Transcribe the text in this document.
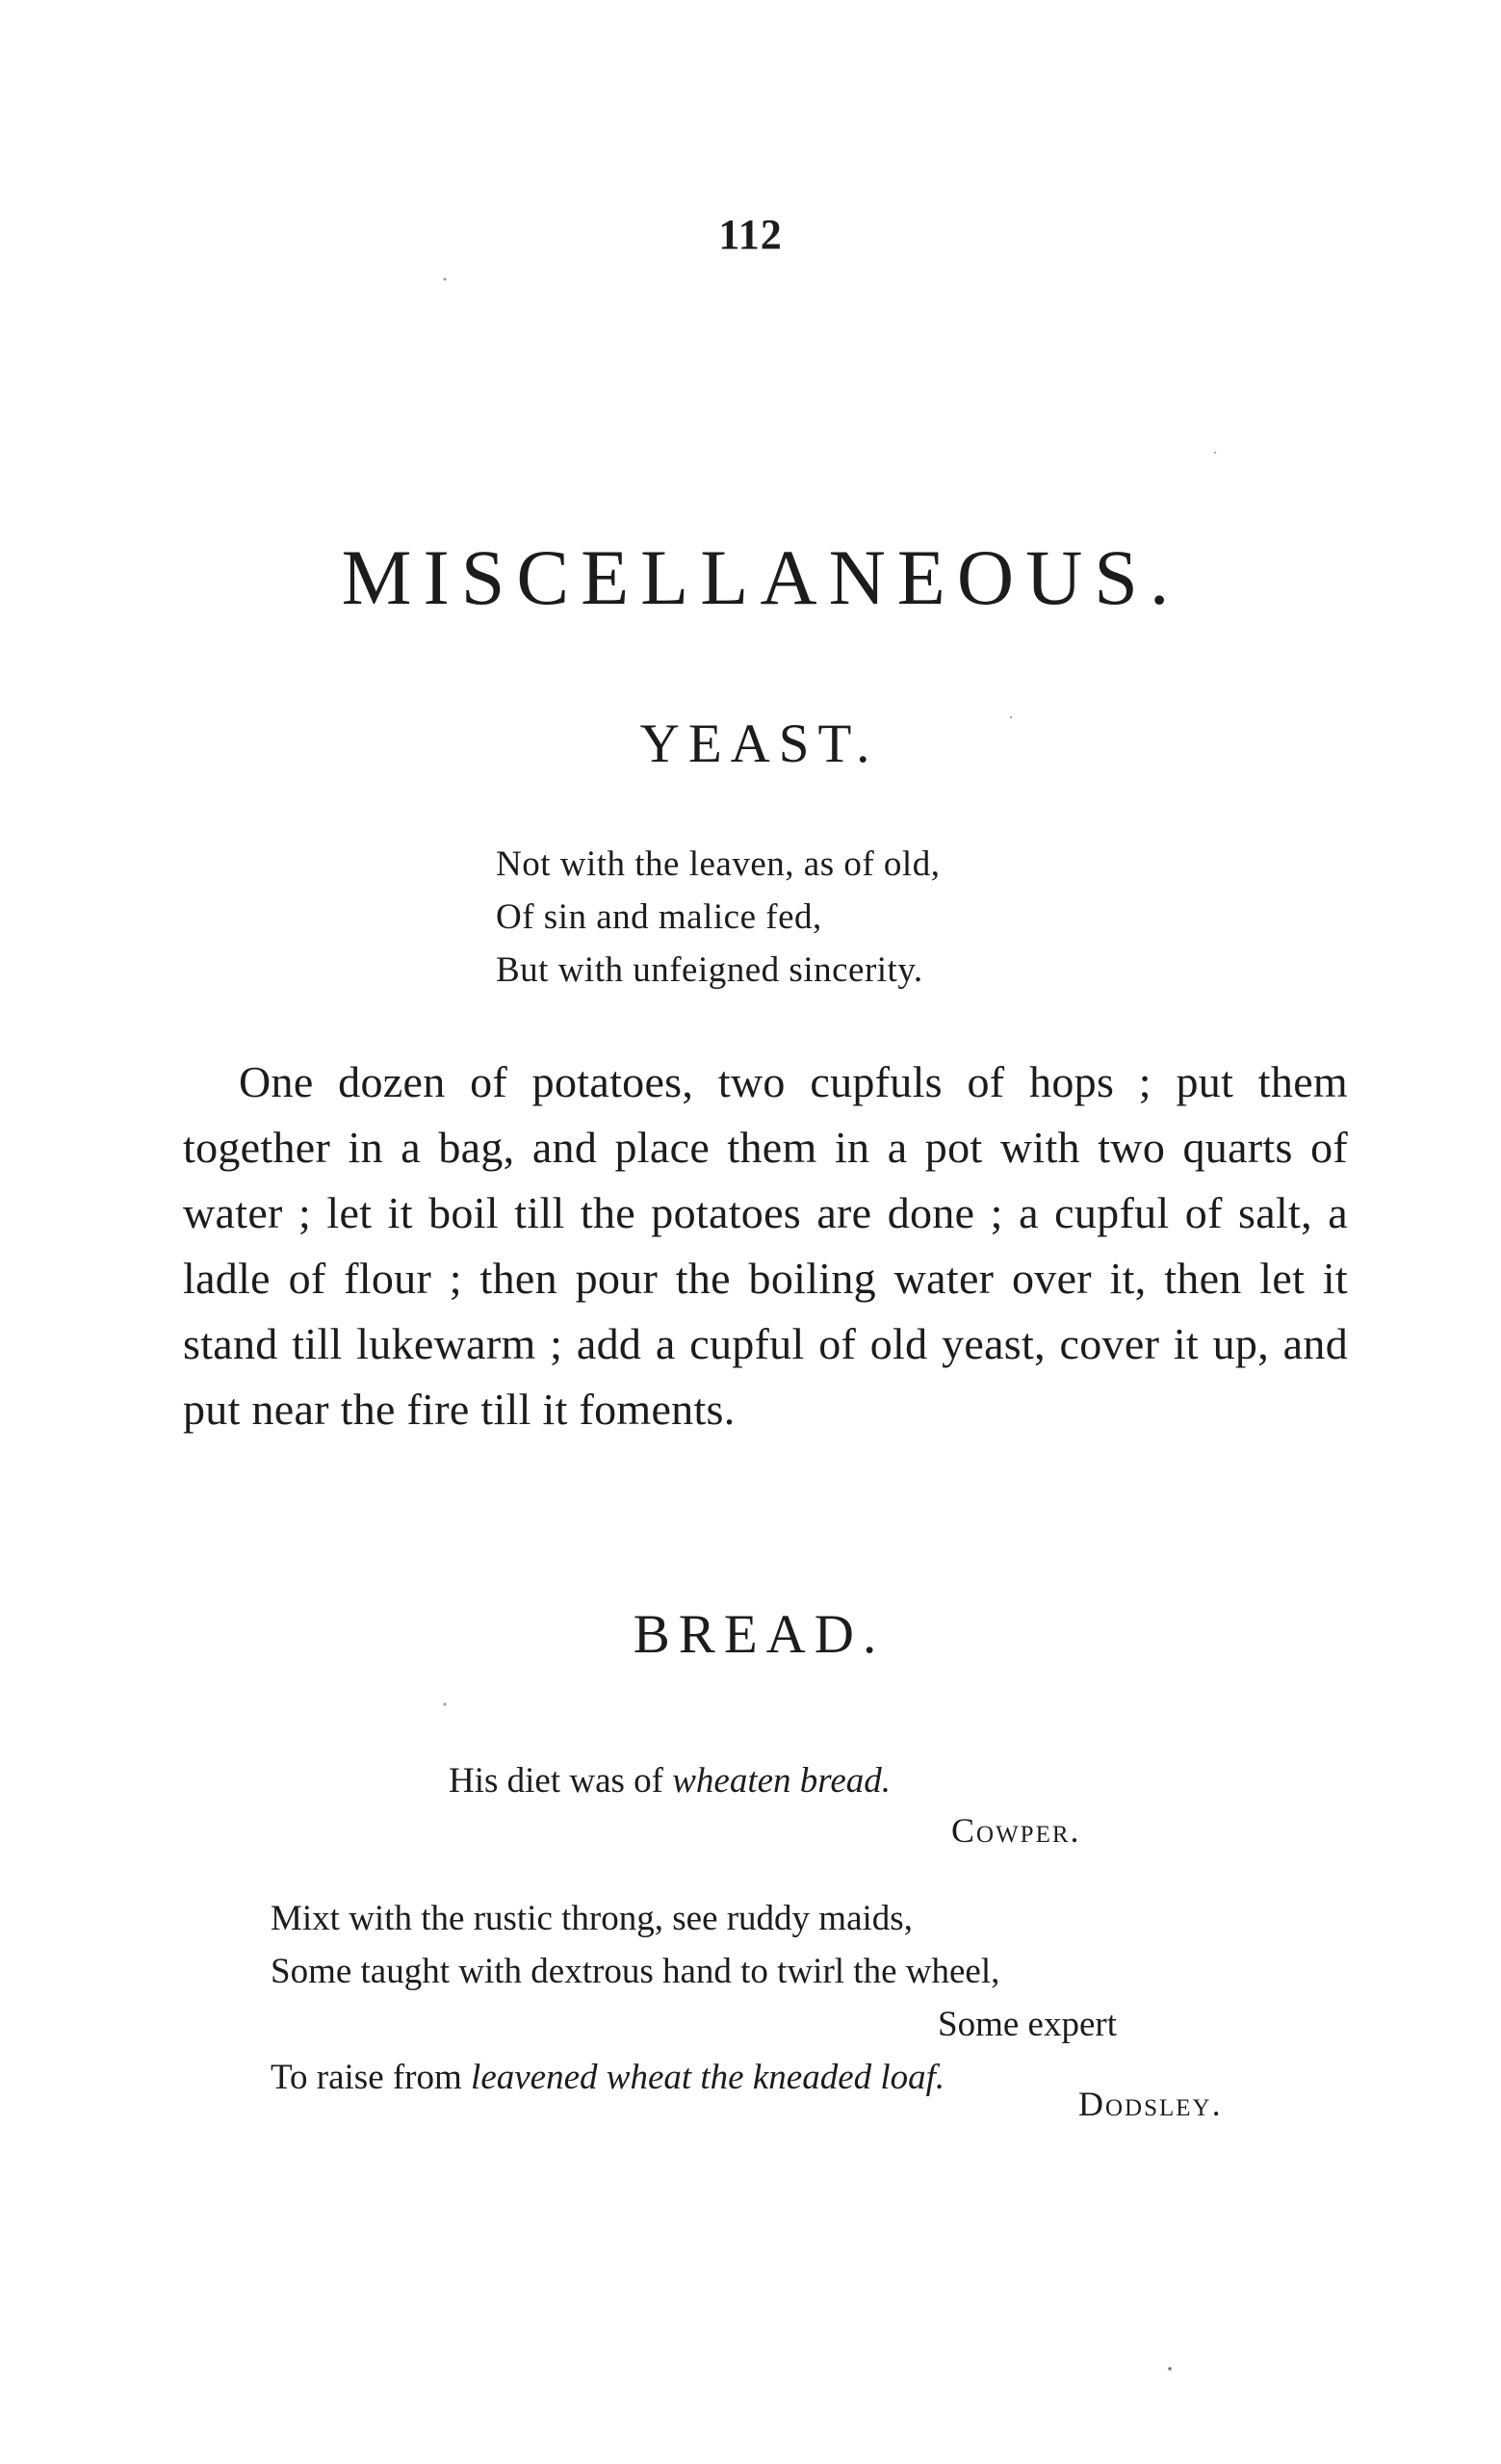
112
MISCELLANEOUS.
YEAST.
Not with the leaven, as of old,
Of sin and malice fed,
But with unfeigned sincerity.

One dozen of potatoes, two cupfuls of hops ; put them together in a bag, and place them in a pot with two quarts of water ; let it boil till the potatoes are done ; a cupful of salt, a ladle of flour ; then pour the boiling water over it, then let it stand till lukewarm ; add a cupful of old yeast, cover it up, and put near the fire till it foments.

BREAD.
His diet was of wheaten bread.
Cowper.
Mixt with the rustic throng, see ruddy maids,
Some taught with dextrous hand to twirl the wheel,
Some expert
To raise from leavened wheat the kneaded loaf.
Dodsley.
